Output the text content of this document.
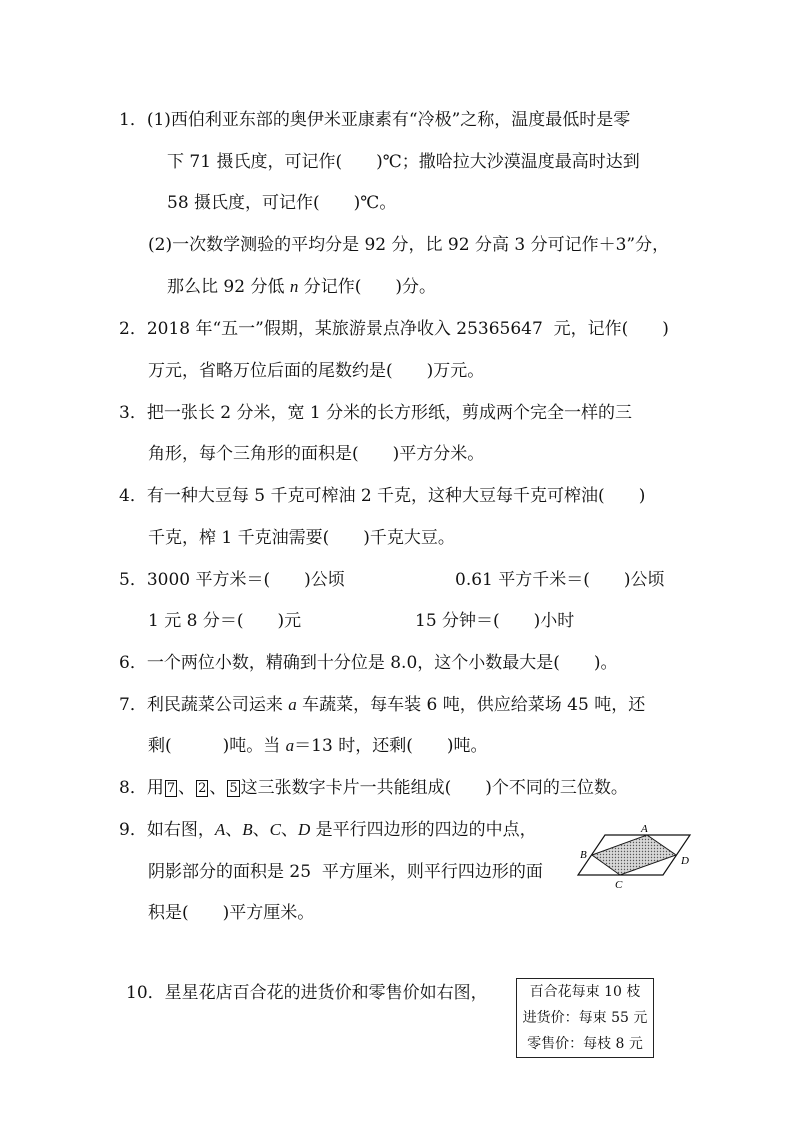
1．(1)西伯利亚东部的奥伊米亚康素有“冷极”之称，温度最低时是零
下 71 摄氏度，可记作(　　)℃；撒哈拉大沙漠温度最高时达到
58 摄氏度，可记作(　　)℃。
(2)一次数学测验的平均分是 92 分，比 92 分高 3 分可记作＋3”分，
那么比 92 分低 n 分记作(　　)分。
2．2018 年“五一”假期，某旅游景点净收入 25365647  元，记作(　　)
万元，省略万位后面的尾数约是(　　)万元。
3．把一张长 2 分米，宽 1 分米的长方形纸，剪成两个完全一样的三
角形，每个三角形的面积是(　　)平方分米。
4．有一种大豆每 5 千克可榨油 2 千克，这种大豆每千克可榨油(　　)
千克，榨 1 千克油需要(　　)千克大豆。
5．3000 平方米＝(　　)公顷	0.61 平方千米＝(　　)公顷
1 元 8 分＝(　　)元	15 分钟＝(　　)小时
6．一个两位小数，精确到十分位是 8.0，这个小数最大是(　　)。
7．利民蔬菜公司运来 a 车蔬菜，每车装 6 吨，供应给菜场 45 吨，还
剩(　　　)吨。当 a＝13 时，还剩(　　)吨。
8．用 7 、 2 、 5 这三张数字卡片一共能组成(　　)个不同的三位数。
9．如右图，A、B、C、D 是平行四边形的四边的中点，
阴影部分的面积是 25  平方厘米，则平行四边形的面
积是(　　)平方厘米。
A
B
C
D
10．星星花店百合花的进货价和零售价如右图，	百合花每束 10 枝
进货价：每束 55 元
零售价：每枝 8 元
